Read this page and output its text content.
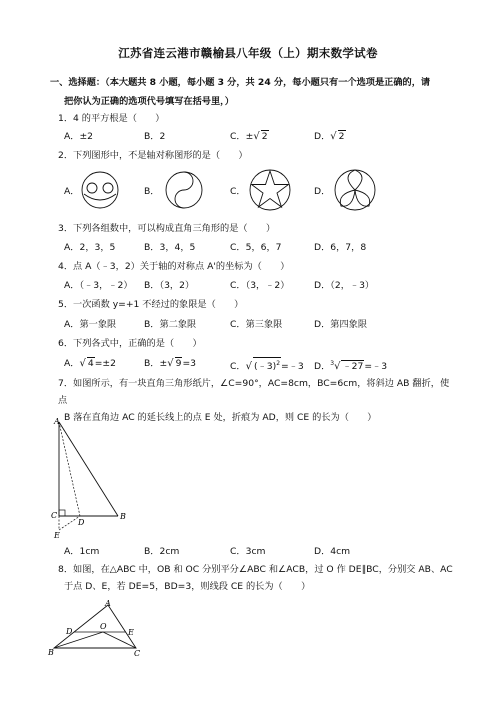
江苏省连云港市赣榆县八年级（上）期末数学试卷
一、选择题：（本大题共 8 小题，每小题 3 分，共 24 分，每小题只有一个选项是正确的，请
把你认为正确的选项代号填写在括号里，）
1．4 的平方根是（　　）
A．±2	B．2	C．±√ 2	D．√ 2
2．下列图形中，不是轴对称图形的是（　　）
A．	B．	C．	D．
3．下列各组数中，可以构成直角三角形的是（　　）
A．2，3，5	B．3，4，5	C．5，6，7	D．6，7，8
4．点 A（﹣3，2）关于轴的对称点 A'的坐标为（　　）
A．（﹣3，﹣2） B．（3，2）	C．（3，﹣2）	D．（2，﹣3）
5．一次函数 y=+1 不经过的象限是（　　）
A．第一象限	B．第二象限	C．第三象限	D．第四象限
6．下列各式中，正确的是（　　）
A．√ 4=±2	B．±√ 9=3	C．√ (﹣3)$^2$=﹣3 D．$^3$√ ﹣27=﹣3
7．如图所示，有一块直角三角形纸片，∠C=90°，AC=8cm，BC=6cm，将斜边 AB 翻折，使点
B 落在直角边 AC 的延长线上的点 E 处，折痕为 AD，则 CE 的长为（　　）
A
C
D
B
E
A．1cm	B．2cm	C．3cm	D．4cm
8．如图，在△ABC 中，OB 和 OC 分别平分∠ABC 和∠ACB，过 O 作 DE∥BC，分别交 AB、AC
于点 D、E，若 DE=5，BD=3，则线段 CE 的长为（　　）
A
D
O
E
B	C
